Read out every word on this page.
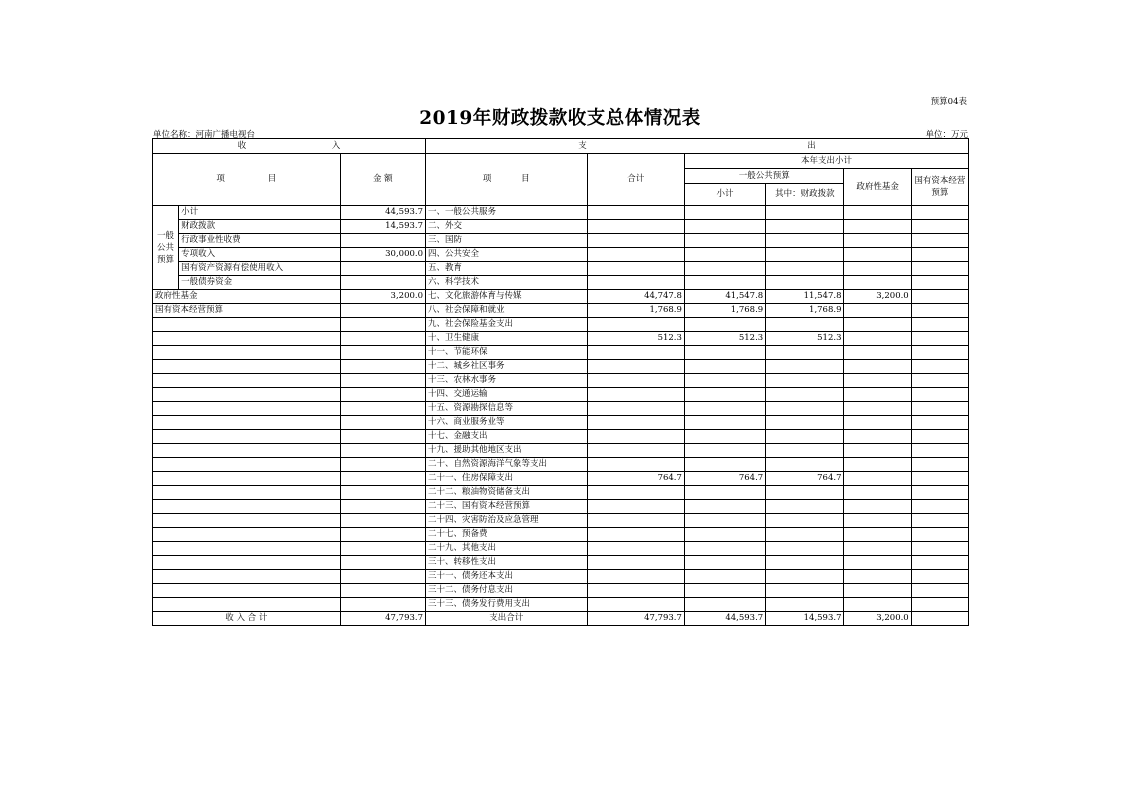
预算04表
2019年财政拨款收支总体情况表
单位名称：河南广播电视台	单位：万元
收 入			支 出					

项 目		金 额	项 目	合计	本年支出小计			
					一般公共预算		政府性基金	国有资本经营预算
					小计	其中：财政拨款		
一般公共预算	小计	44,593.7	一、一般公共服务					
	财政拨款	14,593.7	二、外交					
	行政事业性收费		三、国防					
	专项收入	30,000.0	四、公共安全					
	国有资产资源有偿使用收入		五、教育					
	一般债券资金		六、科学技术					
政府性基金		3,200.0	七、文化旅游体育与传媒	44,747.8	41,547.8	11,547.8	3,200.0	
国有资本经营预算			八、社会保障和就业	1,768.9	1,768.9	1,768.9		
			九、社会保险基金支出					
			十、卫生健康	512.3	512.3	512.3		
			十一、节能环保					
			十二、城乡社区事务					
			十三、农林水事务					
			十四、交通运输					
			十五、资源勘探信息等					
			十六、商业服务业等					
			十七、金融支出					
			十九、援助其他地区支出					
			二十、自然资源海洋气象等支出					
			二十一、住房保障支出	764.7	764.7	764.7		
			二十二、粮油物资储备支出					
			二十三、国有资本经营预算					
			二十四、灾害防治及应急管理					
			二十七、预备费					
			二十九、其他支出					
			三十、转移性支出					
			三十一、债务还本支出					
			三十二、债务付息支出					
			三十三、债务发行费用支出					
收 入 合 计		47,793.7	支出合计	47,793.7	44,593.7	14,593.7	3,200.0	
